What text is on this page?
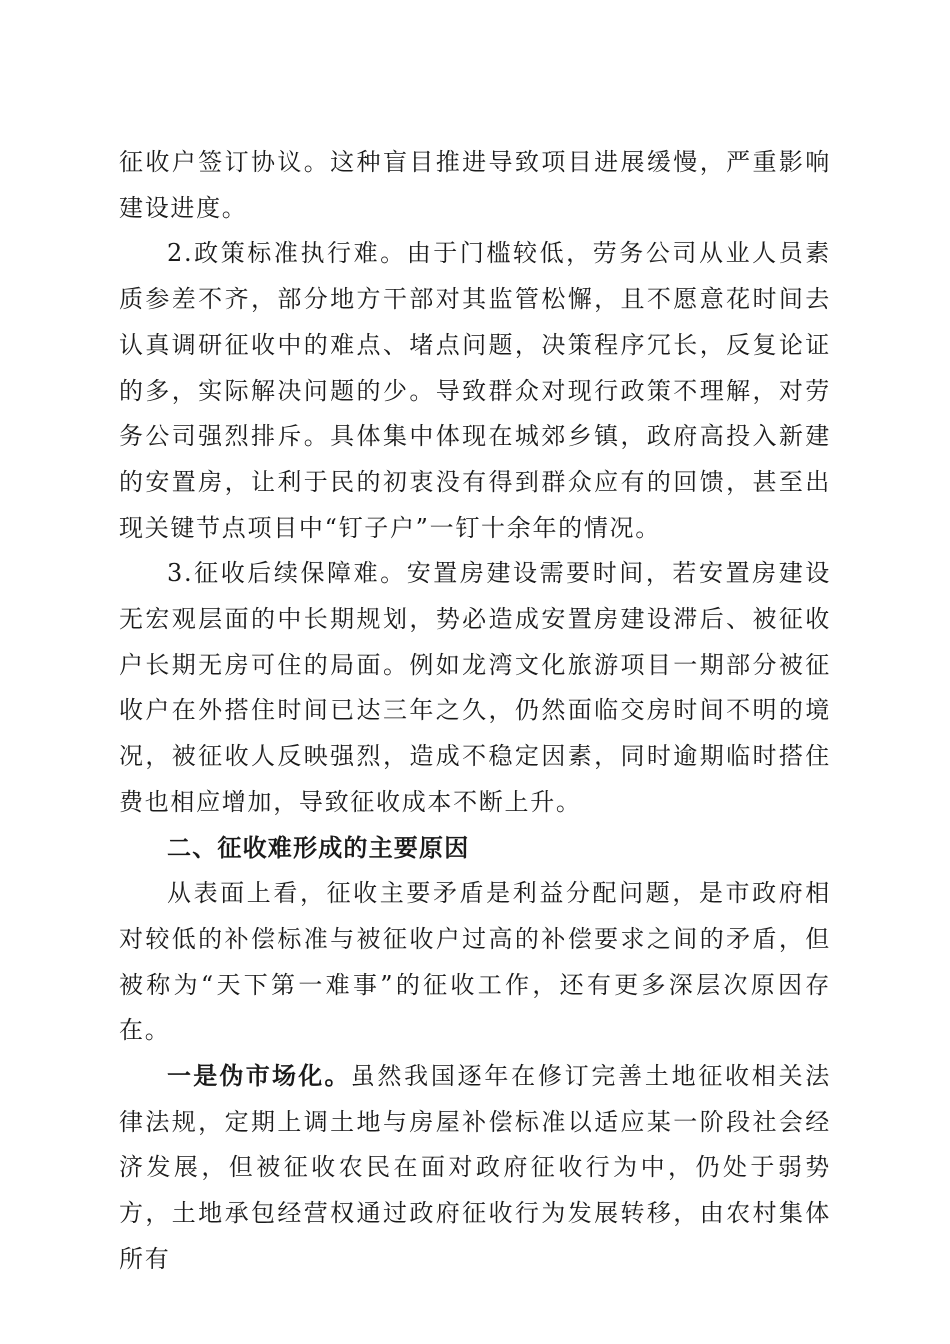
征收户签订协议。这种盲目推进导致项目进展缓慢，严重影响建设进度。

2.政策标准执行难。由于门槛较低，劳务公司从业人员素质参差不齐，部分地方干部对其监管松懈，且不愿意花时间去认真调研征收中的难点、堵点问题，决策程序冗长，反复论证的多，实际解决问题的少。导致群众对现行政策不理解，对劳务公司强烈排斥。具体集中体现在城郊乡镇，政府高投入新建的安置房，让利于民的初衷没有得到群众应有的回馈，甚至出现关键节点项目中“钉子户”一钉十余年的情况。

3.征收后续保障难。安置房建设需要时间，若安置房建设无宏观层面的中长期规划，势必造成安置房建设滞后、被征收户长期无房可住的局面。例如龙湾文化旅游项目一期部分被征收户在外搭住时间已达三年之久，仍然面临交房时间不明的境况，被征收人反映强烈，造成不稳定因素，同时逾期临时搭住费也相应增加，导致征收成本不断上升。

二、征收难形成的主要原因

从表面上看，征收主要矛盾是利益分配问题，是市政府相对较低的补偿标准与被征收户过高的补偿要求之间的矛盾，但被称为“天下第一难事”的征收工作，还有更多深层次原因存在。

一是伪市场化。虽然我国逐年在修订完善土地征收相关法律法规，定期上调土地与房屋补偿标准以适应某一阶段社会经济发展，但被征收农民在面对政府征收行为中，仍处于弱势方，土地承包经营权通过政府征收行为发展转移，由农村集体所有
